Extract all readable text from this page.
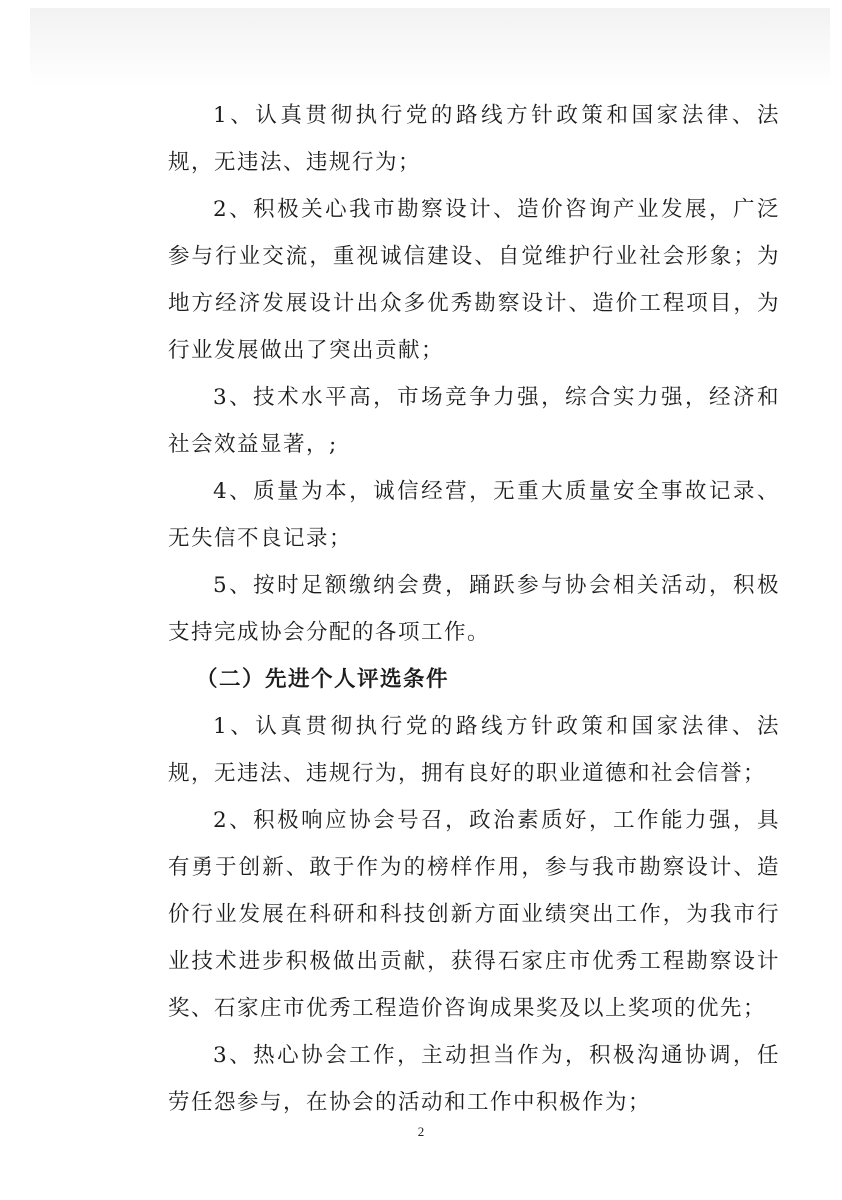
1、认真贯彻执行党的路线方针政策和国家法律、法规，无违法、违规行为；

2、积极关心我市勘察设计、造价咨询产业发展，广泛参与行业交流，重视诚信建设、自觉维护行业社会形象；为地方经济发展设计出众多优秀勘察设计、造价工程项目，为行业发展做出了突出贡献；

3、技术水平高，市场竞争力强，综合实力强，经济和社会效益显著，;

4、质量为本，诚信经营，无重大质量安全事故记录、无失信不良记录；

5、按时足额缴纳会费，踊跃参与协会相关活动，积极支持完成协会分配的各项工作。

（二）先进个人评选条件

1、认真贯彻执行党的路线方针政策和国家法律、法规，无违法、违规行为，拥有良好的职业道德和社会信誉；

2、积极响应协会号召，政治素质好，工作能力强，具有勇于创新、敢于作为的榜样作用，参与我市勘察设计、造价行业发展在科研和科技创新方面业绩突出工作，为我市行业技术进步积极做出贡献，获得石家庄市优秀工程勘察设计奖、石家庄市优秀工程造价咨询成果奖及以上奖项的优先；

3、热心协会工作，主动担当作为，积极沟通协调，任劳任怨参与，在协会的活动和工作中积极作为；

2
